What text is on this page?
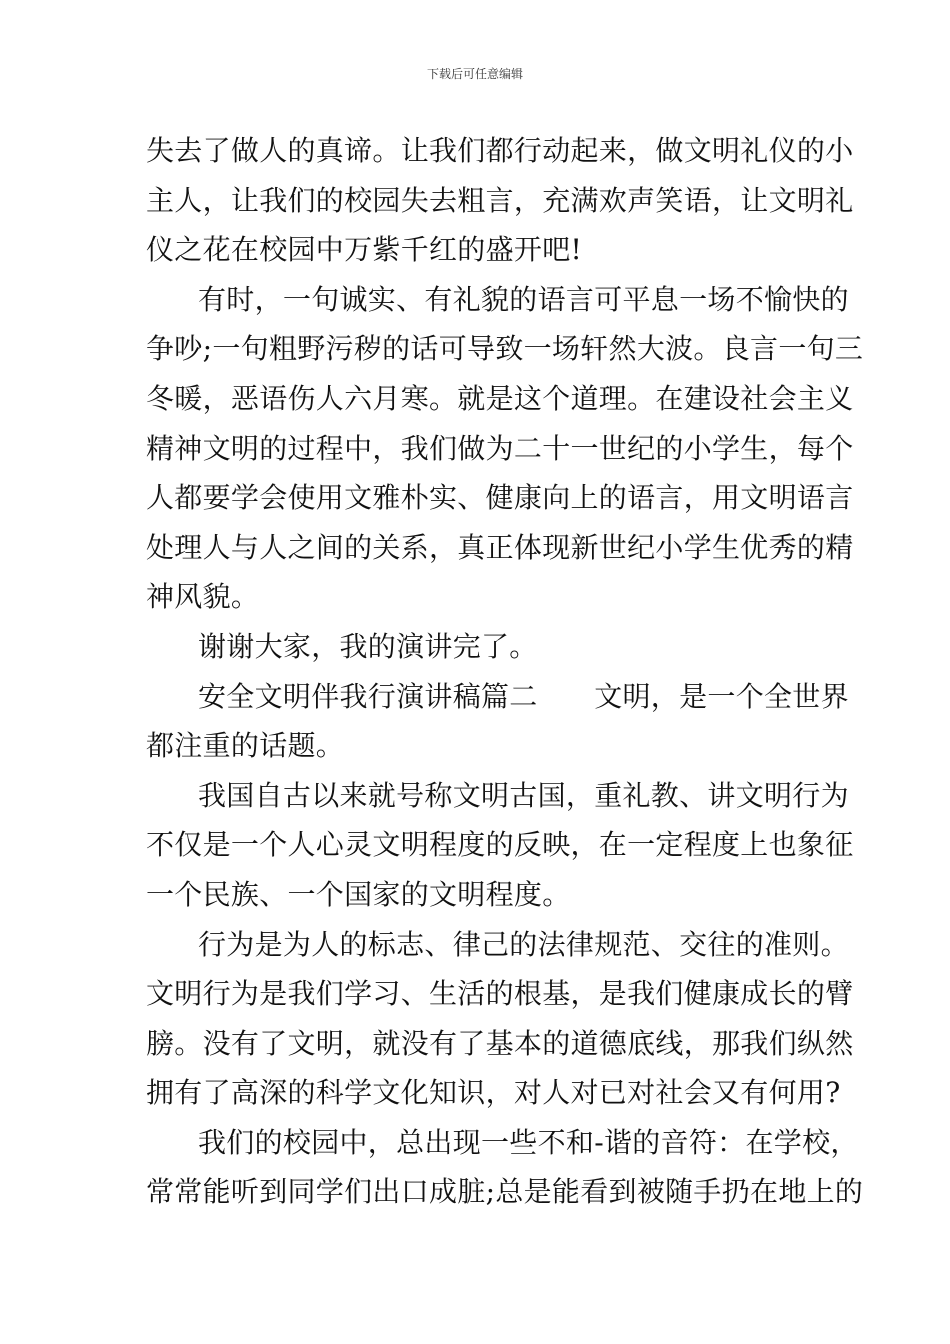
下载后可任意编辑
失去了做人的真谛。让我们都行动起来，做文明礼仪的小
主人，让我们的校园失去粗言，充满欢声笑语，让文明礼
仪之花在校园中万紫千红的盛开吧!
有时，一句诚实、有礼貌的语言可平息一场不愉快的
争吵;一句粗野污秽的话可导致一场轩然大波。良言一句三
冬暖，恶语伤人六月寒。就是这个道理。在建设社会主义
精神文明的过程中，我们做为二十一世纪的小学生，每个
人都要学会使用文雅朴实、健康向上的语言，用文明语言
处理人与人之间的关系，真正体现新世纪小学生优秀的精
神风貌。
谢谢大家，我的演讲完了。
安全文明伴我行演讲稿篇二　　文明，是一个全世界
都注重的话题。
我国自古以来就号称文明古国，重礼教、讲文明行为
不仅是一个人心灵文明程度的反映，在一定程度上也象征
一个民族、一个国家的文明程度。
行为是为人的标志、律己的法律规范、交往的准则。
文明行为是我们学习、生活的根基，是我们健康成长的臂
膀。没有了文明，就没有了基本的道德底线，那我们纵然
拥有了高深的科学文化知识，对人对已对社会又有何用?
我们的校园中，总出现一些不和-谐的音符：在学校，
常常能听到同学们出口成脏;总是能看到被随手扔在地上的
